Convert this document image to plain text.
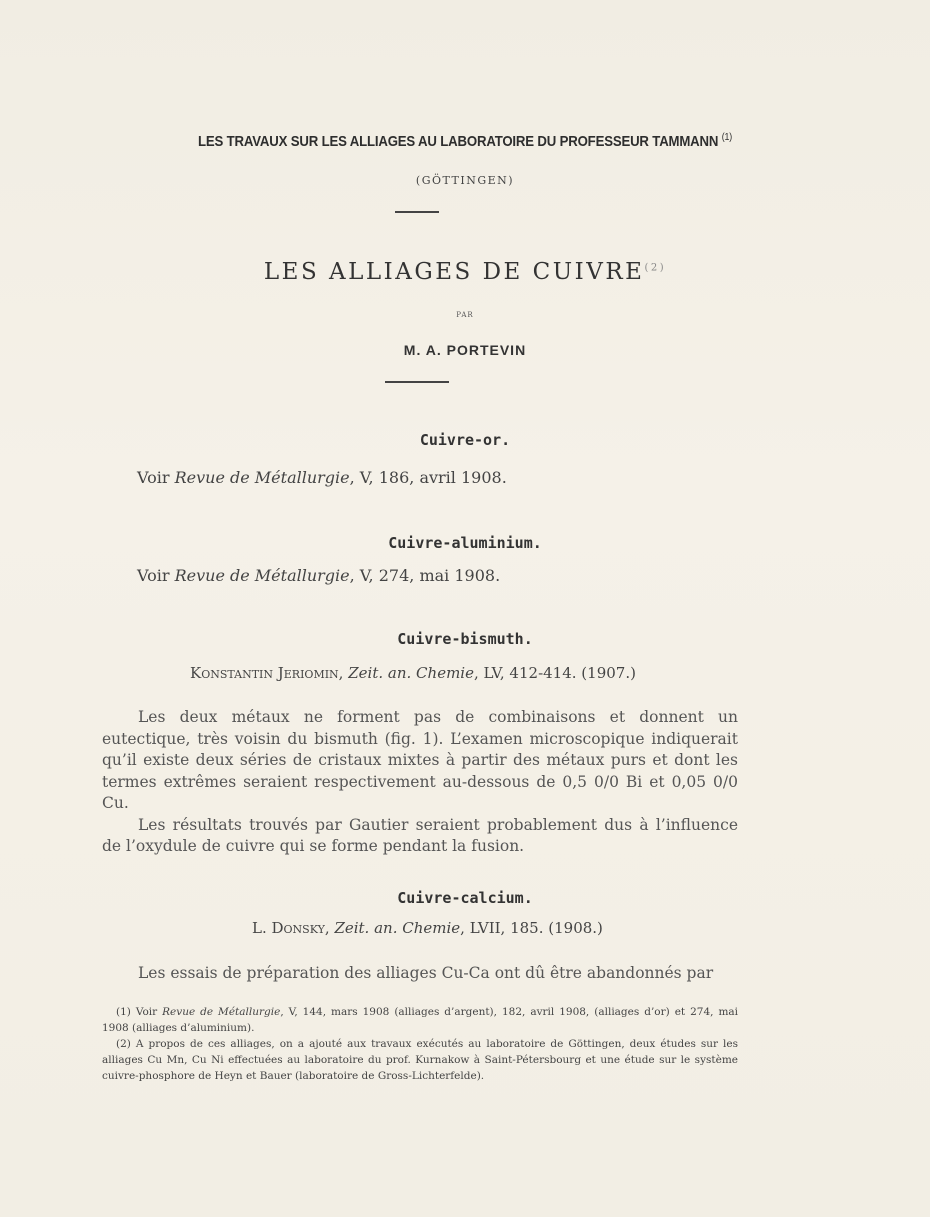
LES TRAVAUX SUR LES ALLIAGES AU LABORATOIRE DU PROFESSEUR TAMMANN $^{(1)}$
(GÖTTINGEN)
LES ALLIAGES DE CUIVRE$^{(2)}$
PAR
M. A. PORTEVIN
Cuivre-or.
Voir Revue de Métallurgie, V, 186, avril 1908.
Cuivre-aluminium.
Voir Revue de Métallurgie, V, 274, mai 1908.
Cuivre-bismuth.
Konstantin Jeriomin, Zeit. an. Chemie, LV, 412-414. (1907.)

Les deux métaux ne forment pas de combinaisons et donnent un eutectique, très voisin du bismuth (fig. 1). L’examen microscopique indiquerait qu’il existe deux séries de cristaux mixtes à partir des métaux purs et dont les termes extrêmes seraient respectivement au-dessous de 0,5 0/0 Bi et 0,05 0/0 Cu.

Les résultats trouvés par Gautier seraient probablement dus à l’influence de l’oxydule de cuivre qui se forme pendant la fusion.

Cuivre-calcium.
L. Donsky, Zeit. an. Chemie, LVII, 185. (1908.)

Les essais de préparation des alliages Cu-Ca ont dû être abandonnés par

(1) Voir Revue de Métallurgie, V, 144, mars 1908 (alliages d’argent), 182, avril 1908, (alliages d’or) et 274, mai 1908 (alliages d’aluminium).

(2) A propos de ces alliages, on a ajouté aux travaux exécutés au laboratoire de Göttingen, deux études sur les alliages Cu Mn, Cu Ni effectuées au laboratoire du prof. Kurnakow à Saint-Pétersbourg et une étude sur le système cuivre-phosphore de Heyn et Bauer (laboratoire de Gross-Lichterfelde).
